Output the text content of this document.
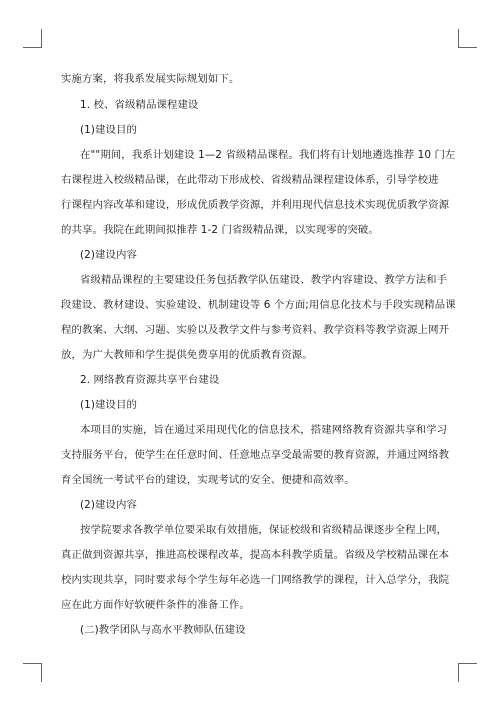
实施方案，将我系发展实际规划如下。
1. 校、省级精品课程建设
(1)建设目的
在""期间，我系计划建设 1—2 省级精品课程。我们将有计划地遴选推荐 10 门左
右课程进入校级精品课，在此带动下形成校、省级精品课程建设体系，引导学校进
行课程内容改革和建设，形成优质教学资源，并利用现代信息技术实现优质教学资源
的共享。我院在此期间拟推荐 1-2 门省级精品课，以实现零的突破。
(2)建设内容
省级精品课程的主要建设任务包括教学队伍建设、教学内容建设、教学方法和手
段建设、教材建设、实验建设、机制建设等 6 个方面;用信息化技术与手段实现精品课
程的教案、大纲、习题、实验以及教学文件与参考资料、教学资料等教学资源上网开
放，为广大教师和学生提供免费享用的优质教育资源。
2. 网络教育资源共享平台建设
(1)建设目的
本项目的实施，旨在通过采用现代化的信息技术，搭建网络教育资源共享和学习
支持服务平台，使学生在任意时间、任意地点享受最需要的教育资源，并通过网络教
育全国统一考试平台的建设，实现考试的安全、便捷和高效率。
(2)建设内容
按学院要求各教学单位要采取有效措施，保证校级和省级精品课逐步全程上网，
真正做到资源共享，推进高校课程改革，提高本科教学质量。省级及学校精品课在本
校内实现共享，同时要求每个学生每年必选一门网络教学的课程，计入总学分，我院
应在此方面作好软硬件条件的准备工作。
(二)教学团队与高水平教师队伍建设
